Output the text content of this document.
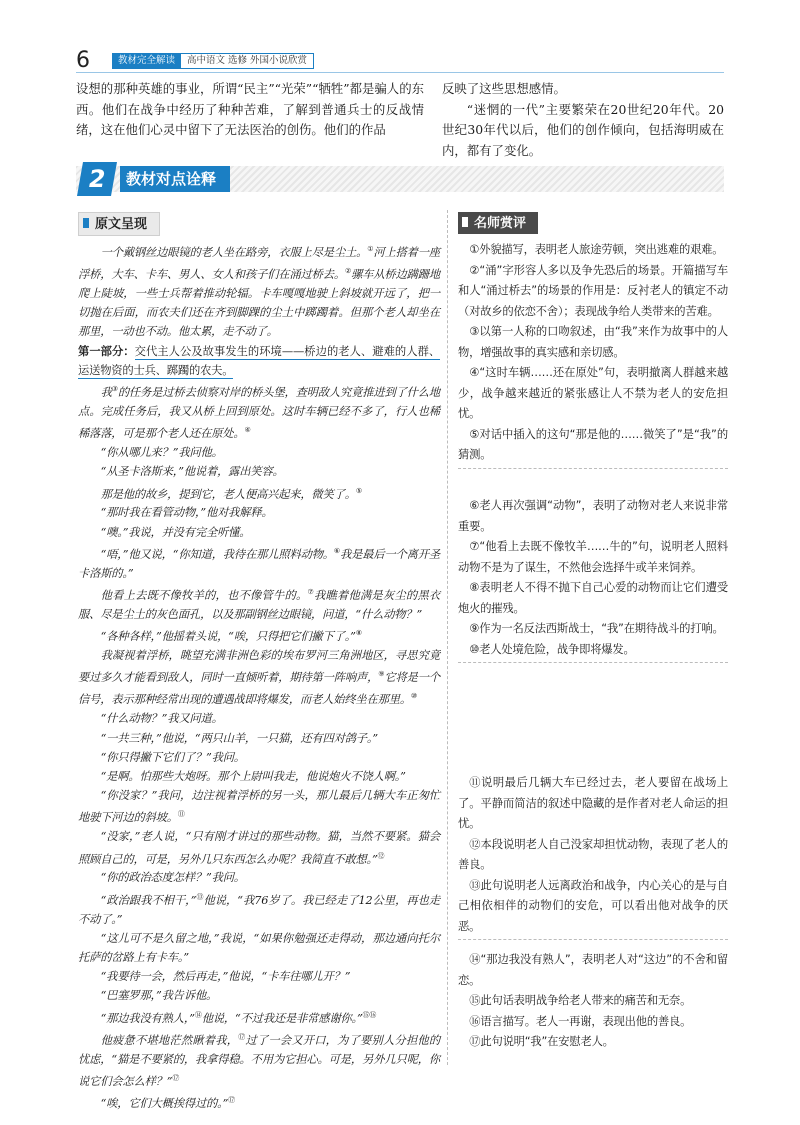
6	教材完全解读	高中语文 选修 外国小说欣赏

设想的那种英雄的事业，所谓“民主”“光荣”“牺牲”都是骗人的东西。他们在战争中经历了种种苦难，了解到普通兵士的反战情绪，这在他们心灵中留下了无法医治的创伤。他们的作品

反映了这些思想感情。

“迷惘的一代”主要繁荣在20世纪20年代。20世纪30年代以后，他们的创作倾向，包括海明威在内，都有了变化。

2	教材对点诠释
原文呈现	名师赏评

一个戴钢丝边眼镜的老人坐在路旁，衣服上尽是尘土。①河上搭着一座浮桥，大车、卡车、男人、女人和孩子们在涌过桥去。②骡车从桥边蹒跚地爬上陡坡，一些士兵帮着推动轮辐。卡车嘎嘎地驶上斜坡就开远了，把一切抛在后面，而农夫们还在齐到脚踝的尘土中踯躅着。但那个老人却坐在那里，一动也不动。他太累，走不动了。

第一部分：交代主人公及故事发生的环境——桥边的老人、避难的人群、运送物资的士兵、踯躅的农夫。

我③的任务是过桥去侦察对岸的桥头堡，查明敌人究竟推进到了什么地点。完成任务后，我又从桥上回到原处。这时车辆已经不多了，行人也稀稀落落，可是那个老人还在原处。④

“你从哪儿来？”我问他。

“从圣卡洛斯来，”他说着，露出笑容。

那是他的故乡，提到它，老人便高兴起来，微笑了。⑤

“那时我在看管动物，”他对我解释。

“噢。”我说，并没有完全听懂。

“唔，”他又说，“你知道，我待在那儿照料动物。⑥我是最后一个离开圣卡洛斯的。”

他看上去既不像牧羊的，也不像管牛的。⑦我瞧着他满是灰尘的黑衣服、尽是尘土的灰色面孔，以及那副钢丝边眼镜，问道，“什么动物？”

“各种各样，”他摇着头说，“唉，只得把它们撇下了。”⑧

我凝视着浮桥，眺望充满非洲色彩的埃布罗河三角洲地区，寻思究竟要过多久才能看到敌人，同时一直倾听着，期待第一阵响声，⑨它将是一个信号，表示那种经常出现的遭遇战即将爆发，而老人始终坐在那里。⑩

“什么动物？”我又问道。

“一共三种，”他说，“两只山羊，一只猫，还有四对鸽子。”

“你只得撇下它们了？”我问。

“是啊。怕那些大炮呀。那个上尉叫我走，他说炮火不饶人啊。”

“你没家？”我问，边注视着浮桥的另一头，那儿最后几辆大车正匆忙地驶下河边的斜坡。⑪

“没家，”老人说，“只有刚才讲过的那些动物。猫，当然不要紧。猫会照顾自己的，可是，另外几只东西怎么办呢？我简直不敢想。”⑫

“你的政治态度怎样？”我问。

“政治跟我不相干，”⑬他说，“我76岁了。我已经走了12公里，再也走不动了。”

“这儿可不是久留之地，”我说，“如果你勉强还走得动，那边通向托尔托萨的岔路上有卡车。”

“我要待一会，然后再走，”他说，“卡车往哪儿开？”

“巴塞罗那，”我告诉他。

“那边我没有熟人，”⑭他说，“不过我还是非常感谢你。”⑮⑯

他疲惫不堪地茫然瞅着我，⑰过了一会又开口，为了要别人分担他的忧虑，“猫是不要紧的，我拿得稳。不用为它担心。可是，另外几只呢，你说它们会怎么样？”⑰

“唉，它们大概挨得过的。”⑰

①外貌描写，表明老人旅途劳顿，突出逃难的艰难。

②“涌”字形容人多以及争先恐后的场景。开篇描写车和人“涌过桥去”的场景的作用是：反衬老人的镇定不动（对故乡的依恋不舍）；表现战争给人类带来的苦难。

③以第一人称的口吻叙述，由“我”来作为故事中的人物，增强故事的真实感和亲切感。

④“这时车辆……还在原处”句，表明撤离人群越来越少，战争越来越近的紧张感让人不禁为老人的安危担忧。

⑤对话中插入的这句“那是他的……微笑了”是“我”的猜测。

⑥老人再次强调“动物”，表明了动物对老人来说非常重要。

⑦“他看上去既不像牧羊……牛的”句，说明老人照料动物不是为了谋生，不然他会选择牛或羊来饲养。

⑧表明老人不得不抛下自己心爱的动物而让它们遭受炮火的摧残。

⑨作为一名反法西斯战士，“我”在期待战斗的打响。

⑩老人处境危险，战争即将爆发。

⑪说明最后几辆大车已经过去，老人要留在战场上了。平静而简洁的叙述中隐藏的是作者对老人命运的担忧。

⑫本段说明老人自己没家却担忧动物，表现了老人的善良。

⑬此句说明老人远离政治和战争，内心关心的是与自己相依相伴的动物们的安危，可以看出他对战争的厌恶。

⑭“那边我没有熟人”，表明老人对“这边”的不舍和留恋。

⑮此句话表明战争给老人带来的痛苦和无奈。

⑯语言描写。老人一再谢，表现出他的善良。

⑰此句说明“我”在安慰老人。
